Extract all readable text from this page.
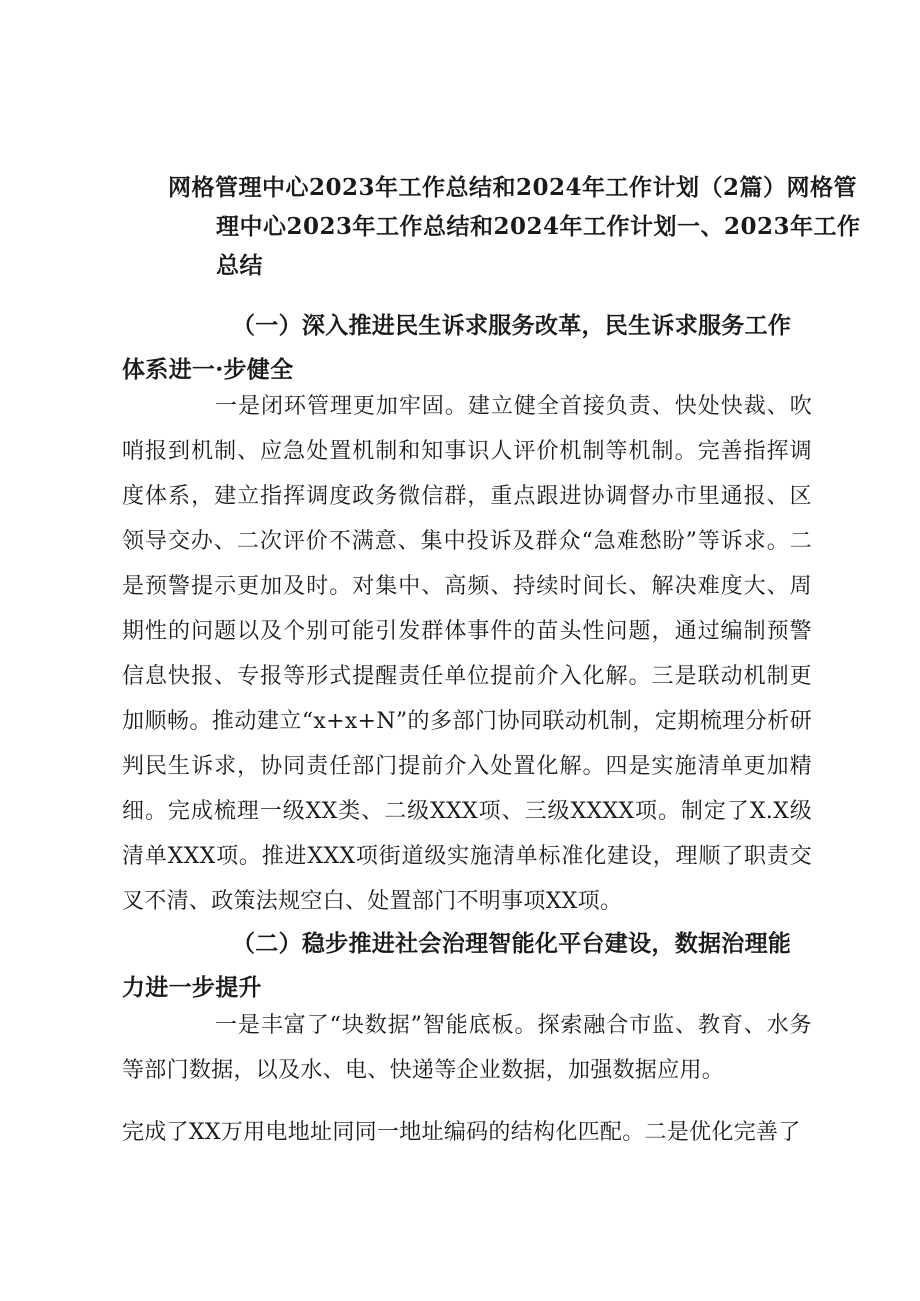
网格管理中心2023年工作总结和2024年工作计划（2篇）网格管理中心2023年工作总结和2024年工作计划一、2023年工作总结

（一）深入推进民生诉求服务改革，民生诉求服务工作体系进一·步健全

一是闭环管理更加牢固。建立健全首接负责、快处快裁、吹哨报到机制、应急处置机制和知事识人评价机制等机制。完善指挥调度体系，建立指挥调度政务微信群，重点跟进协调督办市里通报、区领导交办、二次评价不满意、集中投诉及群众“急难愁盼”等诉求。二是预警提示更加及时。对集中、高频、持续时间长、解决难度大、周期性的问题以及个别可能引发群体事件的苗头性问题，通过编制预警信息快报、专报等形式提醒责任单位提前介入化解。三是联动机制更加顺畅。推动建立“x+x+N”的多部门协同联动机制，定期梳理分析研判民生诉求，协同责任部门提前介入处置化解。四是实施清单更加精细。完成梳理一级XX类、二级XXX项、三级XXXX项。制定了X.X级清单XXX项。推进XXX项街道级实施清单标准化建设，理顺了职责交叉不清、政策法规空白、处置部门不明事项XX项。

（二）稳步推进社会治理智能化平台建设，数据治理能力进一步提升

一是丰富了“块数据”智能底板。探索融合市监、教育、水务等部门数据，以及水、电、快递等企业数据，加强数据应用。

完成了XX万用电地址同同一地址编码的结构化匹配。二是优化完善了
